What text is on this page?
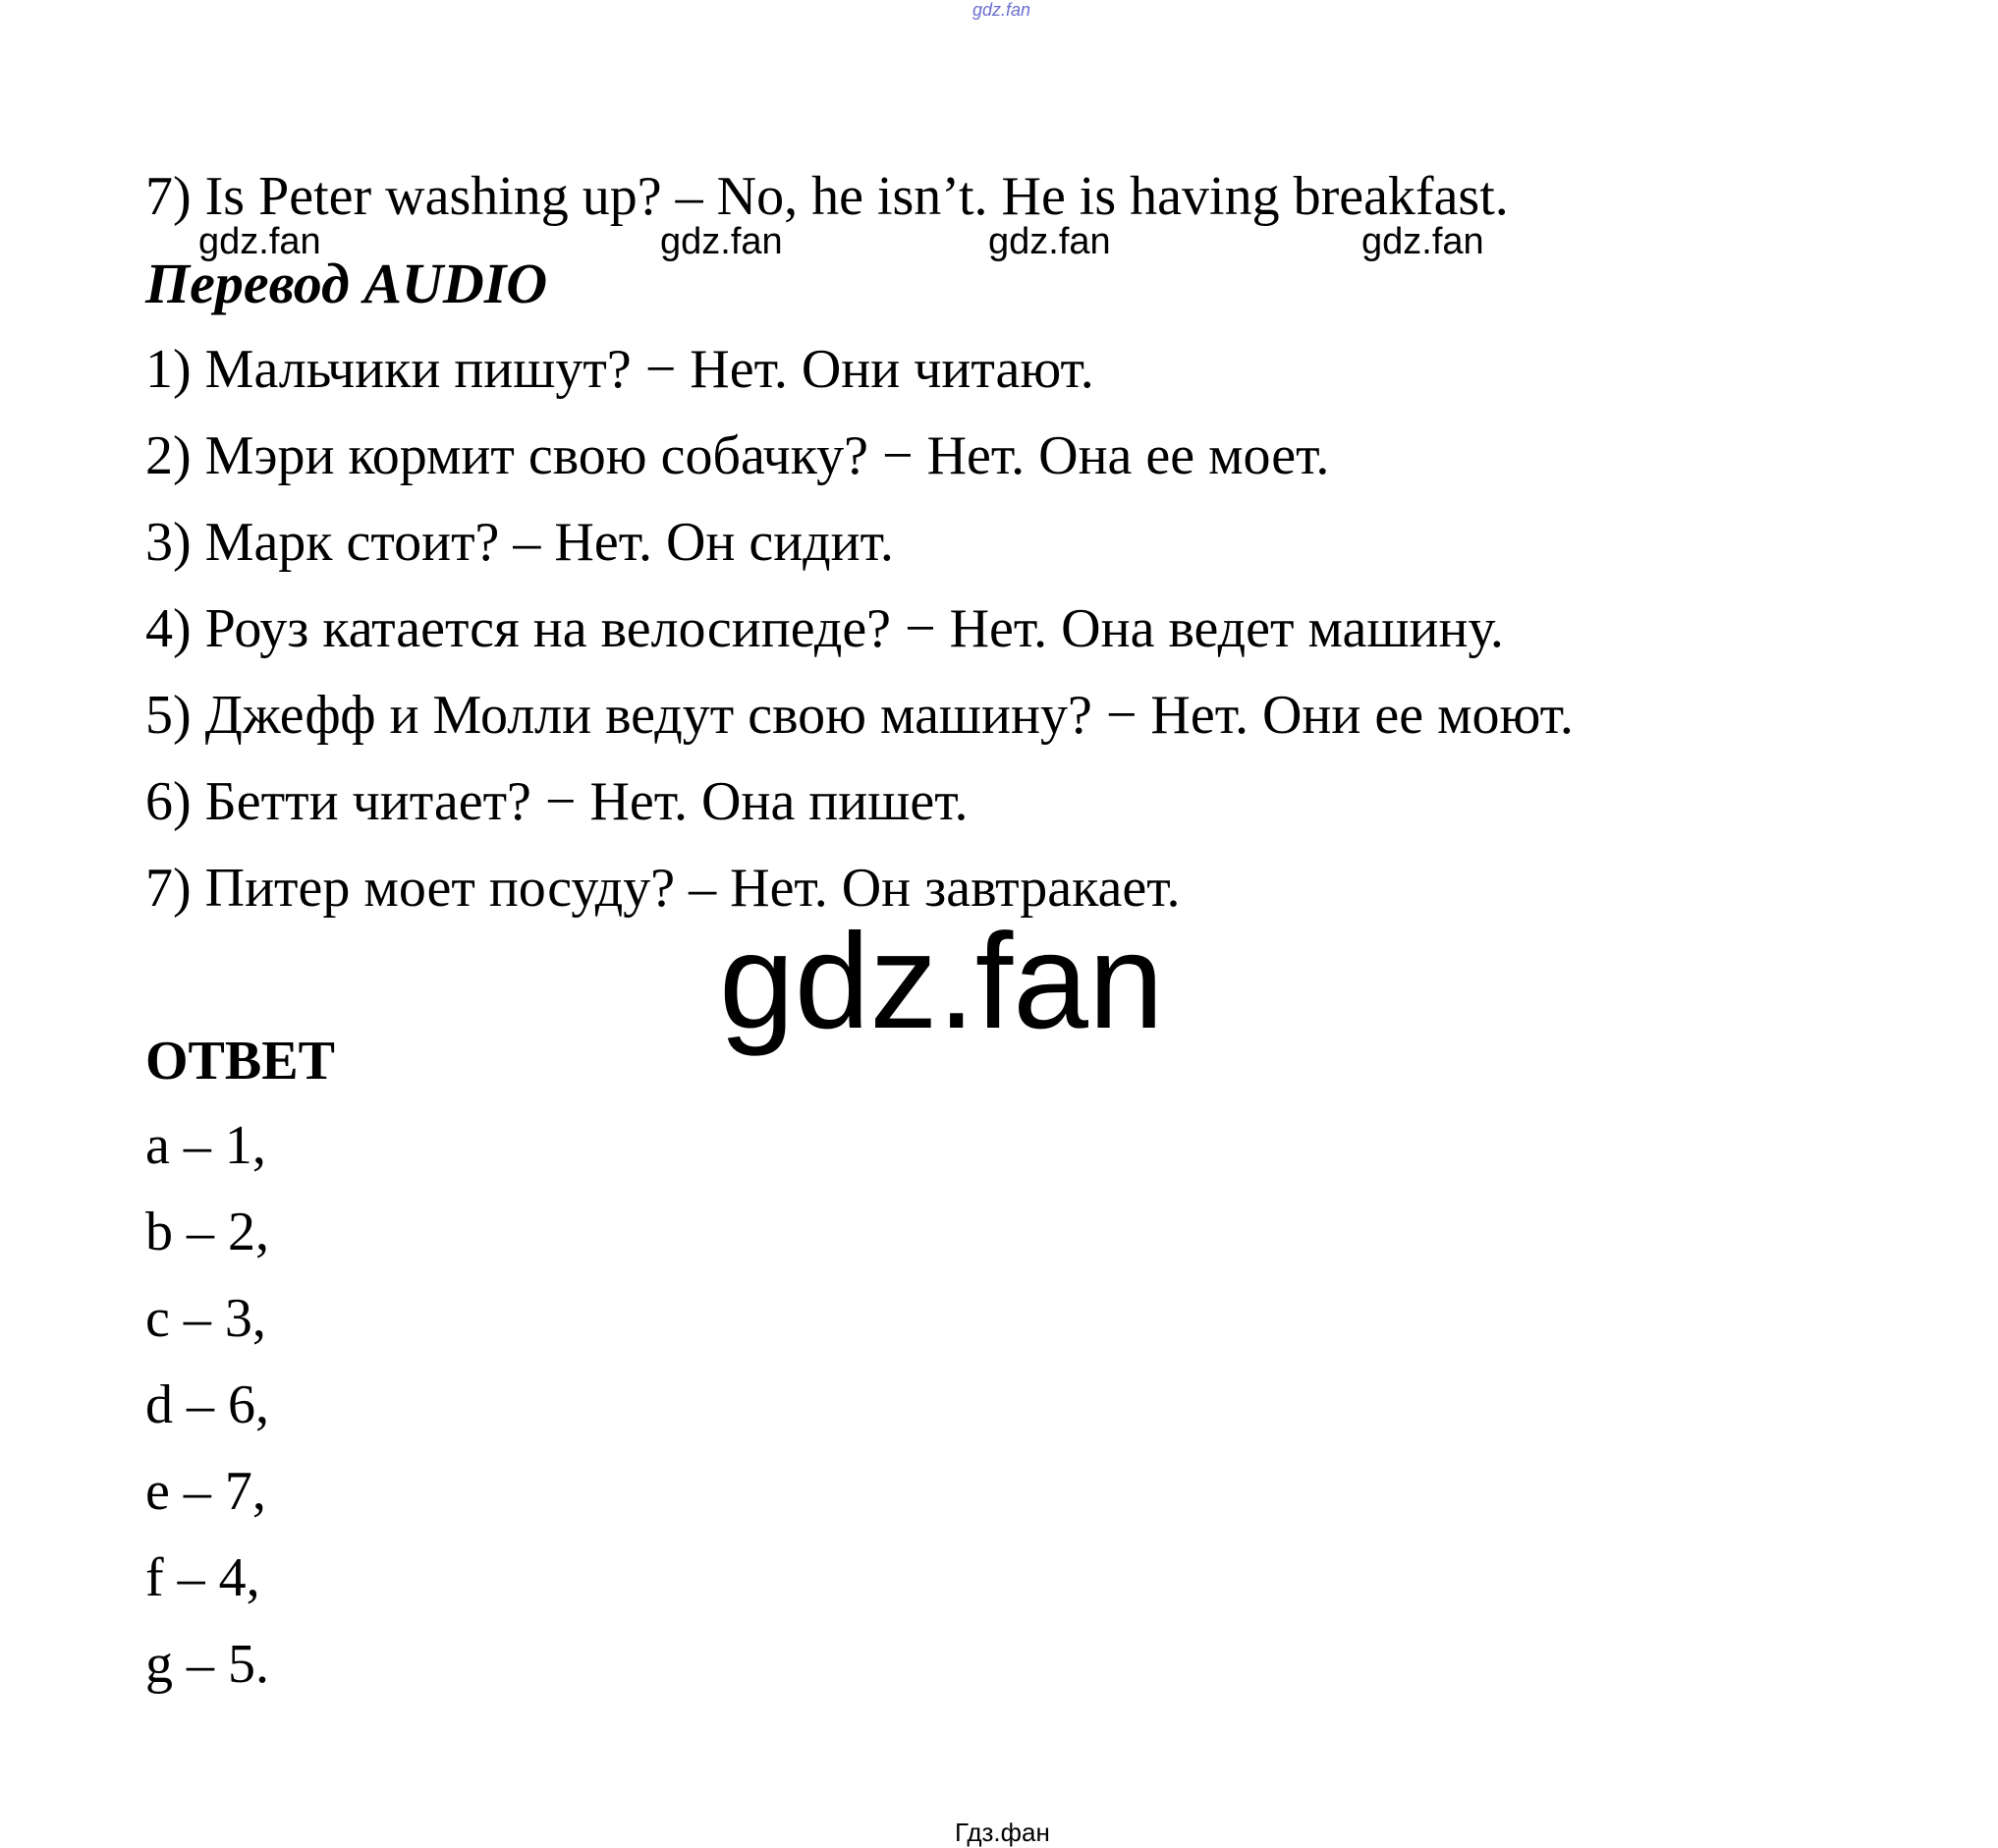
gdz.fan
7) Is Peter washing up? – No, he isn’t. He is having breakfast.
gdz.fan	gdz.fan	gdz.fan	gdz.fan
Перевод AUDIO
1) Мальчики пишут? − Нет. Они читают.
2) Мэри кормит свою собачку? − Нет. Она ее моет.
3) Марк стоит? – Нет. Он сидит.
4) Роуз катается на велосипеде? − Нет. Она ведет машину.
5) Джефф и Молли ведут свою машину? − Нет. Они ее моют.
6) Бетти читает? − Нет. Она пишет.
7) Питер моет посуду? – Нет. Он завтракает.
gdz.fan
ОТВЕТ
a – 1,
b – 2,
c – 3,
d – 6,
e – 7,
f – 4,
g – 5.
Гдз.фан
